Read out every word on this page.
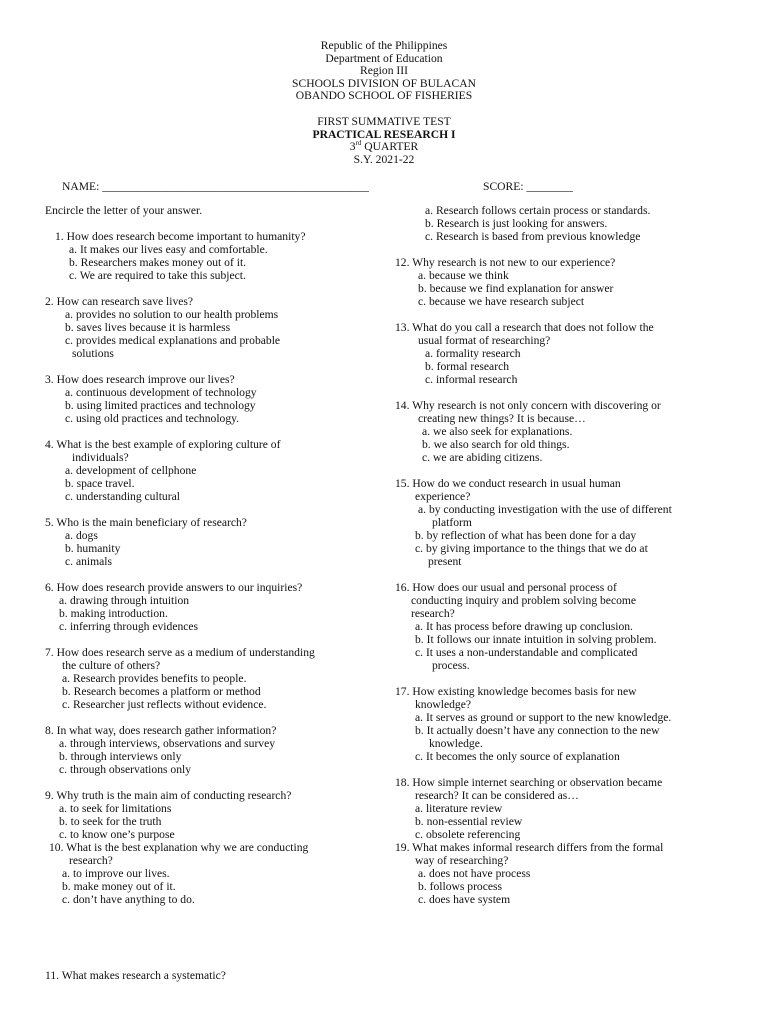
Republic of the Philippines
Department of Education
Region III
SCHOOLS DIVISION OF BULACAN
OBANDO SCHOOL OF FISHERIES
FIRST SUMMATIVE TEST
PRACTICAL RESEARCH I
3rd QUARTER
S.Y. 2021-22
NAME: ______________________________________________	SCORE: ________
Encircle the letter of your answer.
1. How does research become important to humanity?
a. It makes our lives easy and comfortable.
b. Researchers makes money out of it.
c. We are required to take this subject.
2. How can research save lives?
a. provides no solution to our health problems
b. saves lives because it is harmless
c. provides medical explanations and probable
solutions
3. How does research improve our lives?
a. continuous development of technology
b. using limited practices and technology
c. using old practices and technology.
4. What is the best example of exploring culture of
individuals?
a. development of cellphone
b. space travel.
c. understanding cultural
5. Who is the main beneficiary of research?
a. dogs
b. humanity
c. animals
6. How does research provide answers to our inquiries?
a. drawing through intuition
b. making introduction.
c. inferring through evidences
7. How does research serve as a medium of understanding
the culture of others?
a. Research provides benefits to people.
b. Research becomes a platform or method
c. Researcher just reflects without evidence.
8. In what way, does research gather information?
a. through interviews, observations and survey
b. through interviews only
c. through observations only
9. Why truth is the main aim of conducting research?
a. to seek for limitations
b. to seek for the truth
c. to know one’s purpose
10. What is the best explanation why we are conducting
research?
a. to improve our lives.
b. make money out of it.
c. don’t have anything to do.
a. Research follows certain process or standards.
b. Research is just looking for answers.
c. Research is based from previous knowledge
12. Why research is not new to our experience?
a. because we think
b. because we find explanation for answer
c. because we have research subject
13. What do you call a research that does not follow the
usual format of researching?
a. formality research
b. formal research
c. informal research
14. Why research is not only concern with discovering or
creating new things? It is because…
a. we also seek for explanations.
b. we also search for old things.
c. we are abiding citizens.
15. How do we conduct research in usual human
experience?
a. by conducting investigation with the use of different
platform
b. by reflection of what has been done for a day
c. by giving importance to the things that we do at
present
16. How does our usual and personal process of
conducting inquiry and problem solving become
research?
a. It has process before drawing up conclusion.
b. It follows our innate intuition in solving problem.
c. It uses a non-understandable and complicated
process.
17. How existing knowledge becomes basis for new
knowledge?
a. It serves as ground or support to the new knowledge.
b. It actually doesn’t have any connection to the new
knowledge.
c. It becomes the only source of explanation
18. How simple internet searching or observation became
research? It can be considered as…
a. literature review
b. non-essential review
c. obsolete referencing
19. What makes informal research differs from the formal
way of researching?
a. does not have process
b. follows process
c. does have system
11. What makes research a systematic?
